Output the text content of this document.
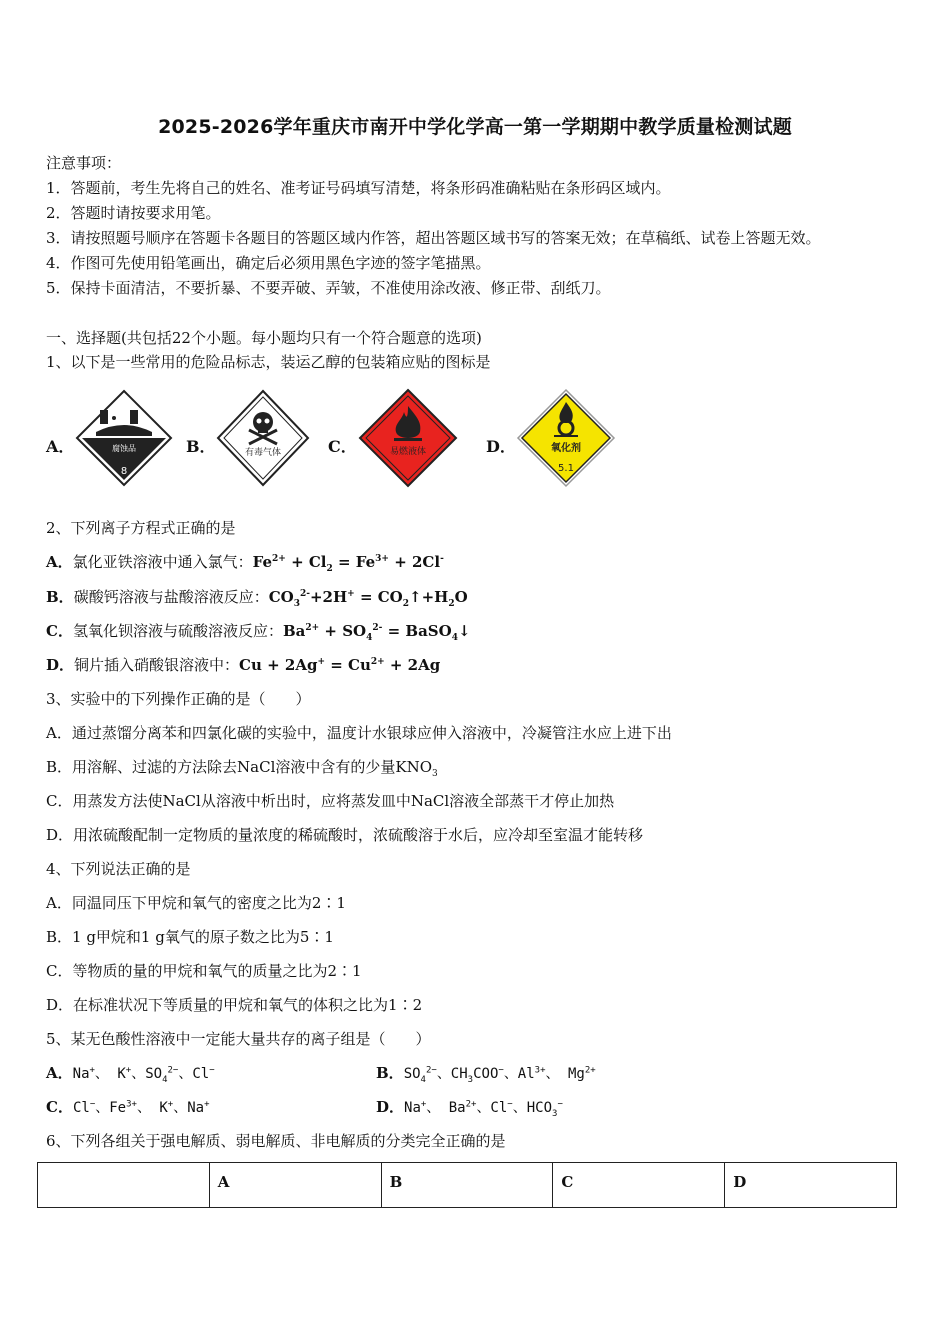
2025-2026学年重庆市南开中学化学高一第一学期期中教学质量检测试题
注意事项：
1．答题前，考生先将自己的姓名、准考证号码填写清楚，将条形码准确粘贴在条形码区域内。
2．答题时请按要求用笔。
3．请按照题号顺序在答题卡各题目的答题区域内作答，超出答题区域书写的答案无效；在草稿纸、试卷上答题无效。
4．作图可先使用铅笔画出，确定后必须用黑色字迹的签字笔描黑。
5．保持卡面清洁，不要折暴、不要弄破、弄皱，不准使用涂改液、修正带、刮纸刀。
一、选择题(共包括22个小题。每小题均只有一个符合题意的选项)
1、以下是一些常用的危险品标志，装运乙醇的包装箱应贴的图标是
A．	腐蚀品
8
B．	有毒气体	C．	易燃液体	D．	氧化剂
5.1
2、下列离子方程式正确的是
A．氯化亚铁溶液中通入氯气：$Fe^{2+} + Cl_2 = Fe^{3+} + 2Cl^-$
B．碳酸钙溶液与盐酸溶液反应：$CO_3^{2-}+2H^+$ = $CO_2↑+H_2O$
C．氢氧化钡溶液与硫酸溶液反应：$Ba^{2+} + SO_4^{2-}$ = BaSO$_4$↓
D．铜片插入硝酸银溶液中：$Cu + 2Ag^+ = Cu^{2+} + 2Ag$
3、实验中的下列操作正确的是（　　）
A．通过蒸馏分离苯和四氯化碳的实验中，温度计水银球应伸入溶液中，冷凝管注水应上进下出
B．用溶解、过滤的方法除去NaCl溶液中含有的少量$KNO_3$
C．用蒸发方法使NaCl从溶液中析出时，应将蒸发皿中NaCl溶液全部蒸干才停止加热
D．用浓硫酸配制一定物质的量浓度的稀硫酸时，浓硫酸溶于水后，应冷却至室温才能转移
4、下列说法正确的是
A．同温同压下甲烷和氧气的密度之比为2∶1
B．1 g甲烷和1 g氧气的原子数之比为5∶1
C．等物质的量的甲烷和氧气的质量之比为2∶1
D．在标准状况下等质量的甲烷和氧气的体积之比为1∶2
5、某无色酸性溶液中一定能大量共存的离子组是（　　）
A．Na+、 K+、$SO_4^{2-}$、Cl−	B．$SO_4^{2-}$、$CH_3COO^-$、$Al^{3+}$、 $Mg^{2+}$
C．Cl−、$Fe^{3+}$、 K+、Na+	D．Na+、 $Ba^{2+}$、Cl−、$HCO_3^-$
6、下列各组关于强电解质、弱电解质、非电解质的分类完全正确的是
	A	B	C	D
